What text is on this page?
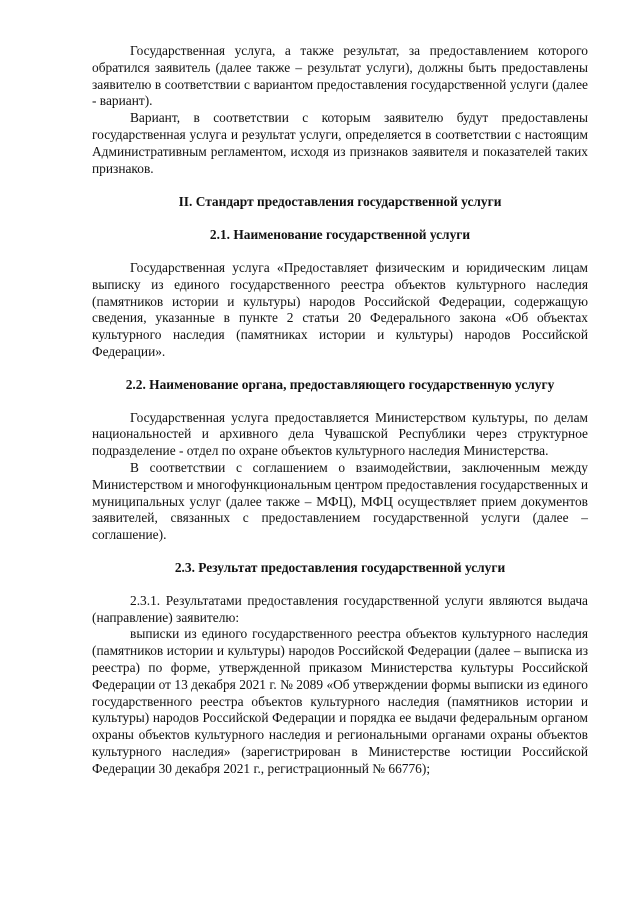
Государственная услуга, а также результат, за предоставлением которого обратился заявитель (далее также – результат услуги), должны быть предоставлены заявителю в соответствии с вариантом предоставления государственной услуги (далее - вариант).

Вариант, в соответствии с которым заявителю будут предоставлены государственная услуга и результат услуги, определяется в соответствии с настоящим Административным регламентом, исходя из признаков заявителя и показателей таких признаков.

II. Стандарт предоставления государственной услуги

2.1. Наименование государственной услуги

Государственная услуга «Предоставляет физическим и юридическим лицам выписку из единого государственного реестра объектов культурного наследия (памятников истории и культуры) народов Российской Федерации, содержащую сведения, указанные в пункте 2 статьи 20 Федерального закона «Об объектах культурного наследия (памятниках истории и культуры) народов Российской Федерации».

2.2. Наименование органа, предоставляющего государственную услугу

Государственная услуга предоставляется Министерством культуры, по делам национальностей и архивного дела Чувашской Республики через структурное подразделение - отдел по охране объектов культурного наследия Министерства.

В соответствии с соглашением о взаимодействии, заключенным между Министерством и многофункциональным центром предоставления государственных и муниципальных услуг (далее также – МФЦ), МФЦ осуществляет прием документов заявителей, связанных с предоставлением государственной услуги (далее – соглашение).

2.3. Результат предоставления государственной услуги

2.3.1. Результатами предоставления государственной услуги являются выдача (направление) заявителю:

выписки из единого государственного реестра объектов культурного наследия (памятников истории и культуры) народов Российской Федерации (далее – выписка из реестра) по форме, утвержденной приказом Министерства культуры Российской Федерации от 13 декабря 2021 г. № 2089 «Об утверждении формы выписки из единого государственного реестра объектов культурного наследия (памятников истории и культуры) народов Российской Федерации и порядка ее выдачи федеральным органом охраны объектов культурного наследия и региональными органами охраны объектов культурного наследия» (зарегистрирован в Министерстве юстиции Российской Федерации 30 декабря 2021 г., регистрационный № 66776);
